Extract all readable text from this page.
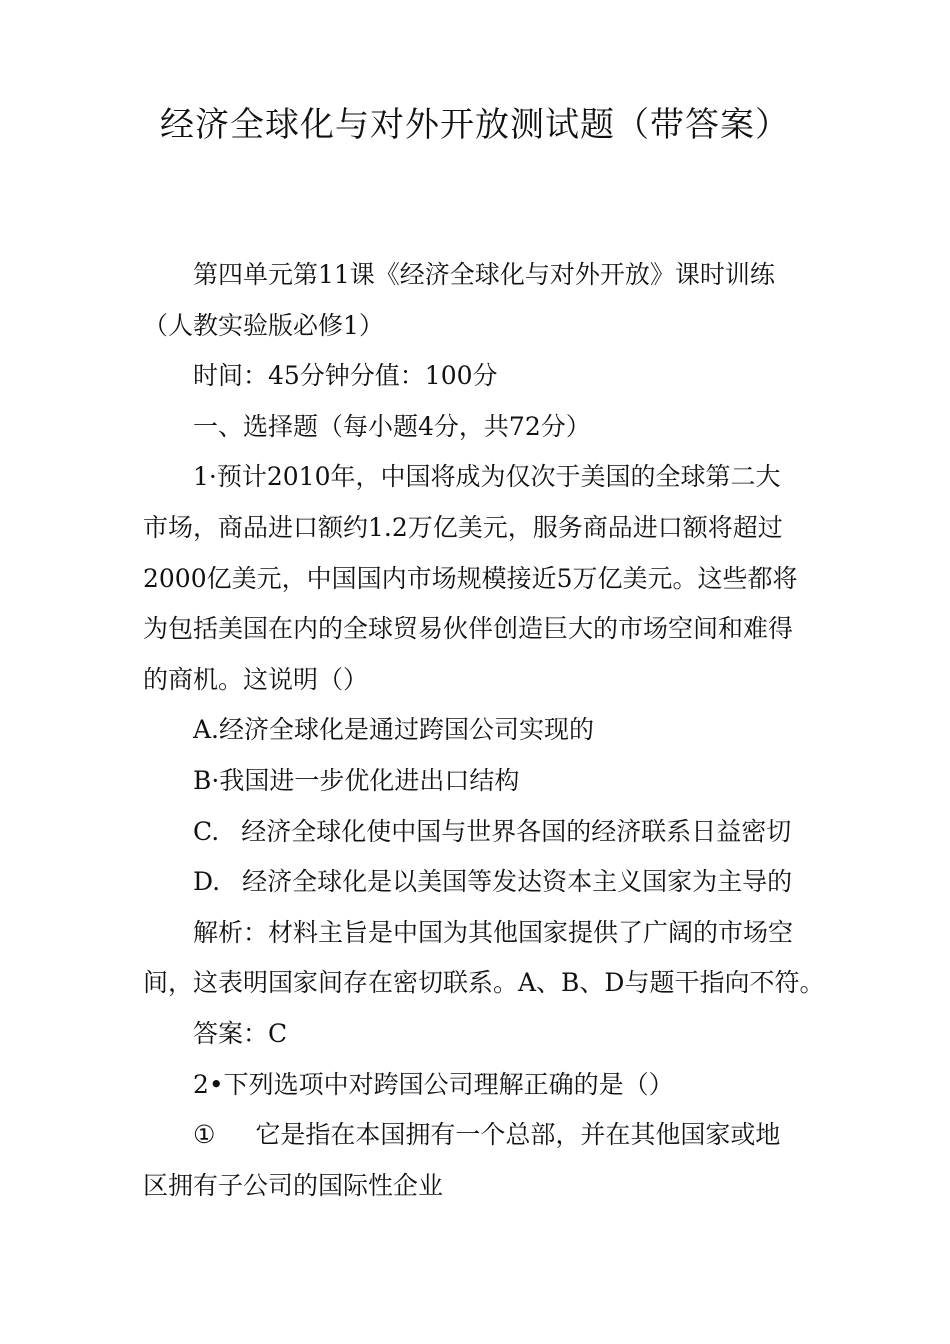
经济全球化与对外开放测试题（带答案）

第四单元第11课《经济全球化与对外开放》课时训练

（人教实验版必修1）

时间：45分钟分值：100分

一、选择题（每小题4分，共72分）

1·预计2010年，中国将成为仅次于美国的全球第二大

市场，商品进口额约1.2万亿美元，服务商品进口额将超过

2000亿美元，中国国内市场规模接近5万亿美元。这些都将

为包括美国在内的全球贸易伙伴创造巨大的市场空间和难得

的商机。这说明（）

A.经济全球化是通过跨国公司实现的

B·我国进一步优化进出口结构

C. 经济全球化使中国与世界各国的经济联系日益密切

D. 经济全球化是以美国等发达资本主义国家为主导的

解析：材料主旨是中国为其他国家提供了广阔的市场空

间，这表明国家间存在密切联系。A、B、D与题干指向不符。

答案：C

2•下列选项中对跨国公司理解正确的是（）

① 它是指在本国拥有一个总部，并在其他国家或地

区拥有子公司的国际性企业
